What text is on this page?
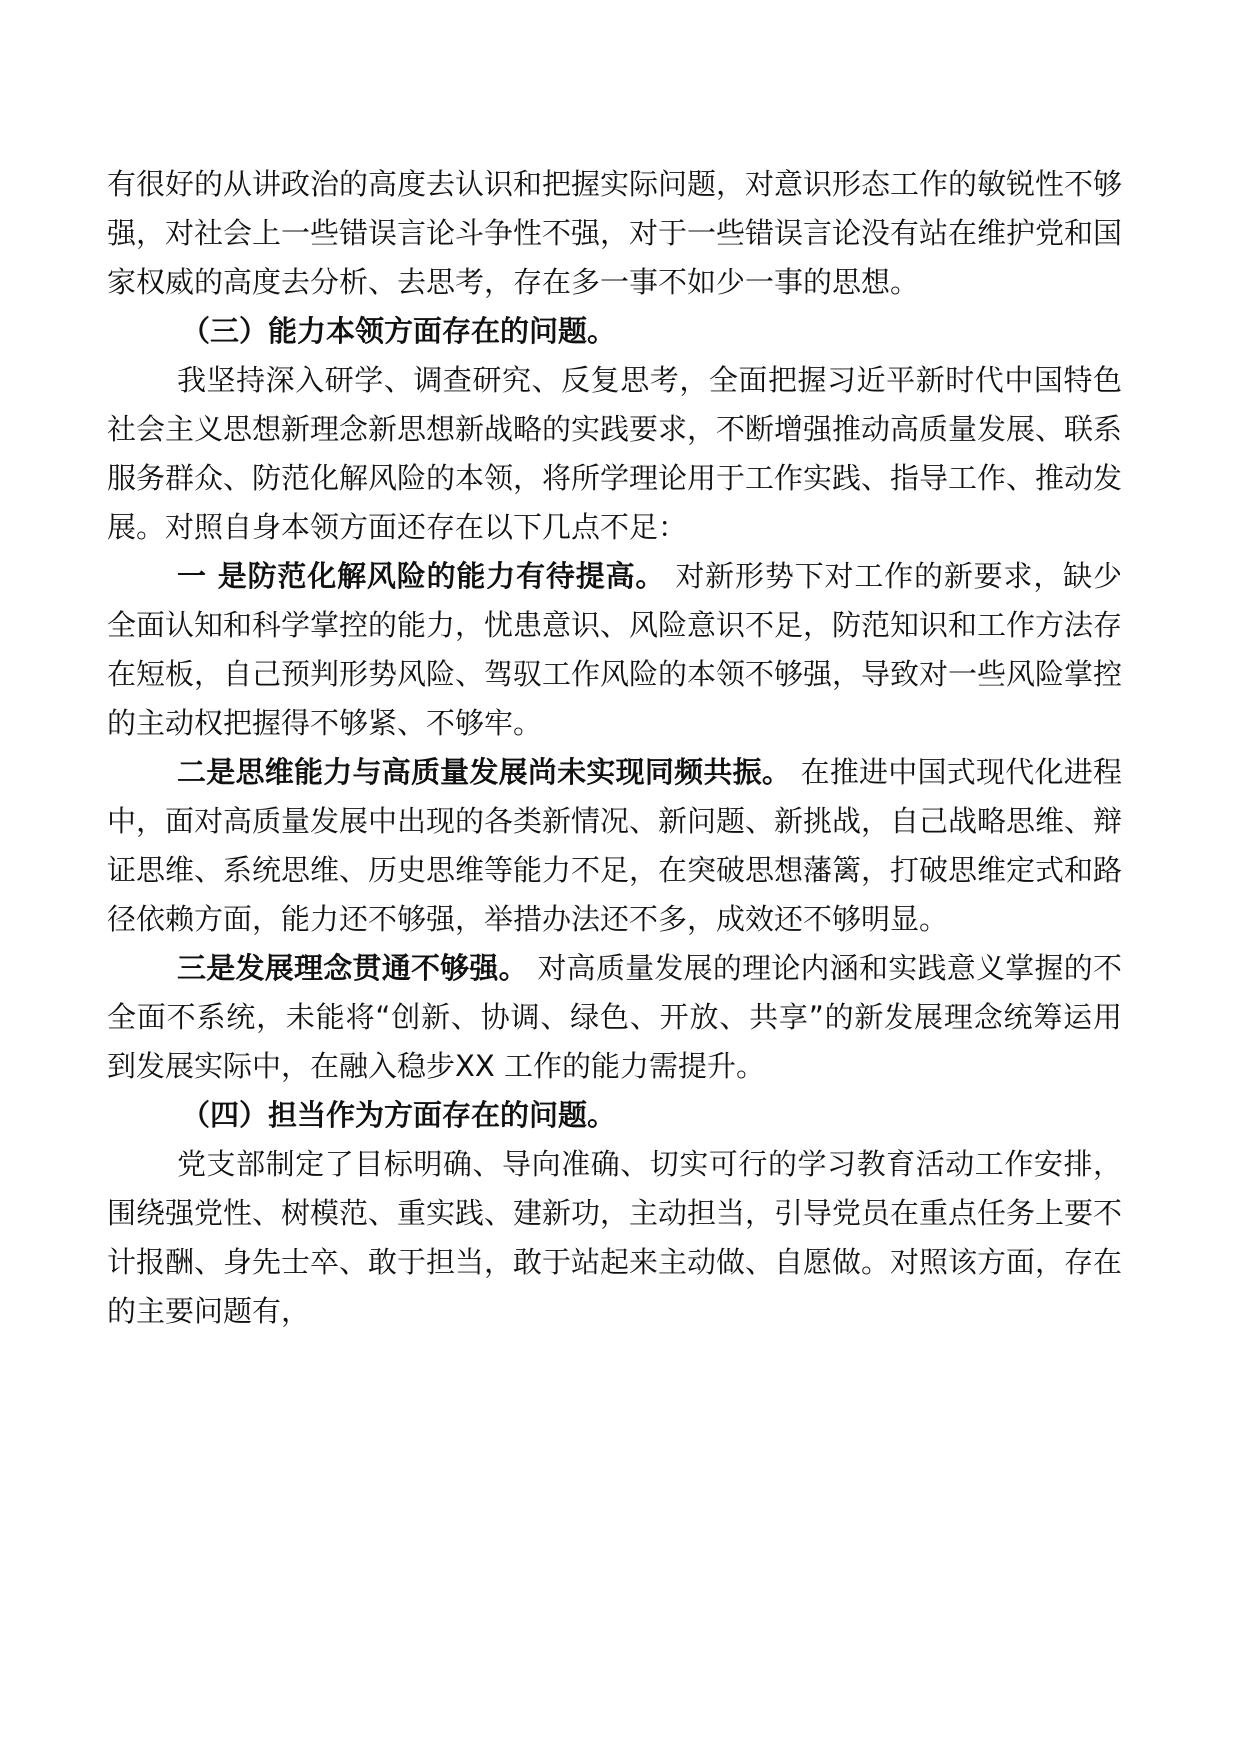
有很好的从讲政治的高度去认识和把握实际问题，对意识形态工作的敏锐性不够强，对社会上一些错误言论斗争性不强，对于一些错误言论没有站在维护党和国家权威的高度去分析、去思考，存在多一事不如少一事的思想。

（三）能力本领方面存在的问题。

我坚持深入研学、调查研究、反复思考，全面把握习近平新时代中国特色社会主义思想新理念新思想新战略的实践要求，不断增强推动高质量发展、联系服务群众、防范化解风险的本领，将所学理论用于工作实践、指导工作、推动发展。对照自身本领方面还存在以下几点不足：

一 是防范化解风险的能力有待提高。 对新形势下对工作的新要求，缺少全面认知和科学掌控的能力，忧患意识、风险意识不足，防范知识和工作方法存在短板，自己预判形势风险、驾驭工作风险的本领不够强，导致对一些风险掌控的主动权把握得不够紧、不够牢。

二是思维能力与高质量发展尚未实现同频共振。 在推进中国式现代化进程中，面对高质量发展中出现的各类新情况、新问题、新挑战，自己战略思维、辩证思维、系统思维、历史思维等能力不足，在突破思想藩篱，打破思维定式和路径依赖方面，能力还不够强，举措办法还不多，成效还不够明显。

三是发展理念贯通不够强。 对高质量发展的理论内涵和实践意义掌握的不全面不系统，未能将“创新、协调、绿色、开放、共享”的新发展理念统筹运用到发展实际中，在融入稳步XX 工作的能力需提升。

（四）担当作为方面存在的问题。

党支部制定了目标明确、导向准确、切实可行的学习教育活动工作安排，围绕强党性、树模范、重实践、建新功，主动担当，引导党员在重点任务上要不计报酬、身先士卒、敢于担当，敢于站起来主动做、自愿做。对照该方面，存在的主要问题有，
